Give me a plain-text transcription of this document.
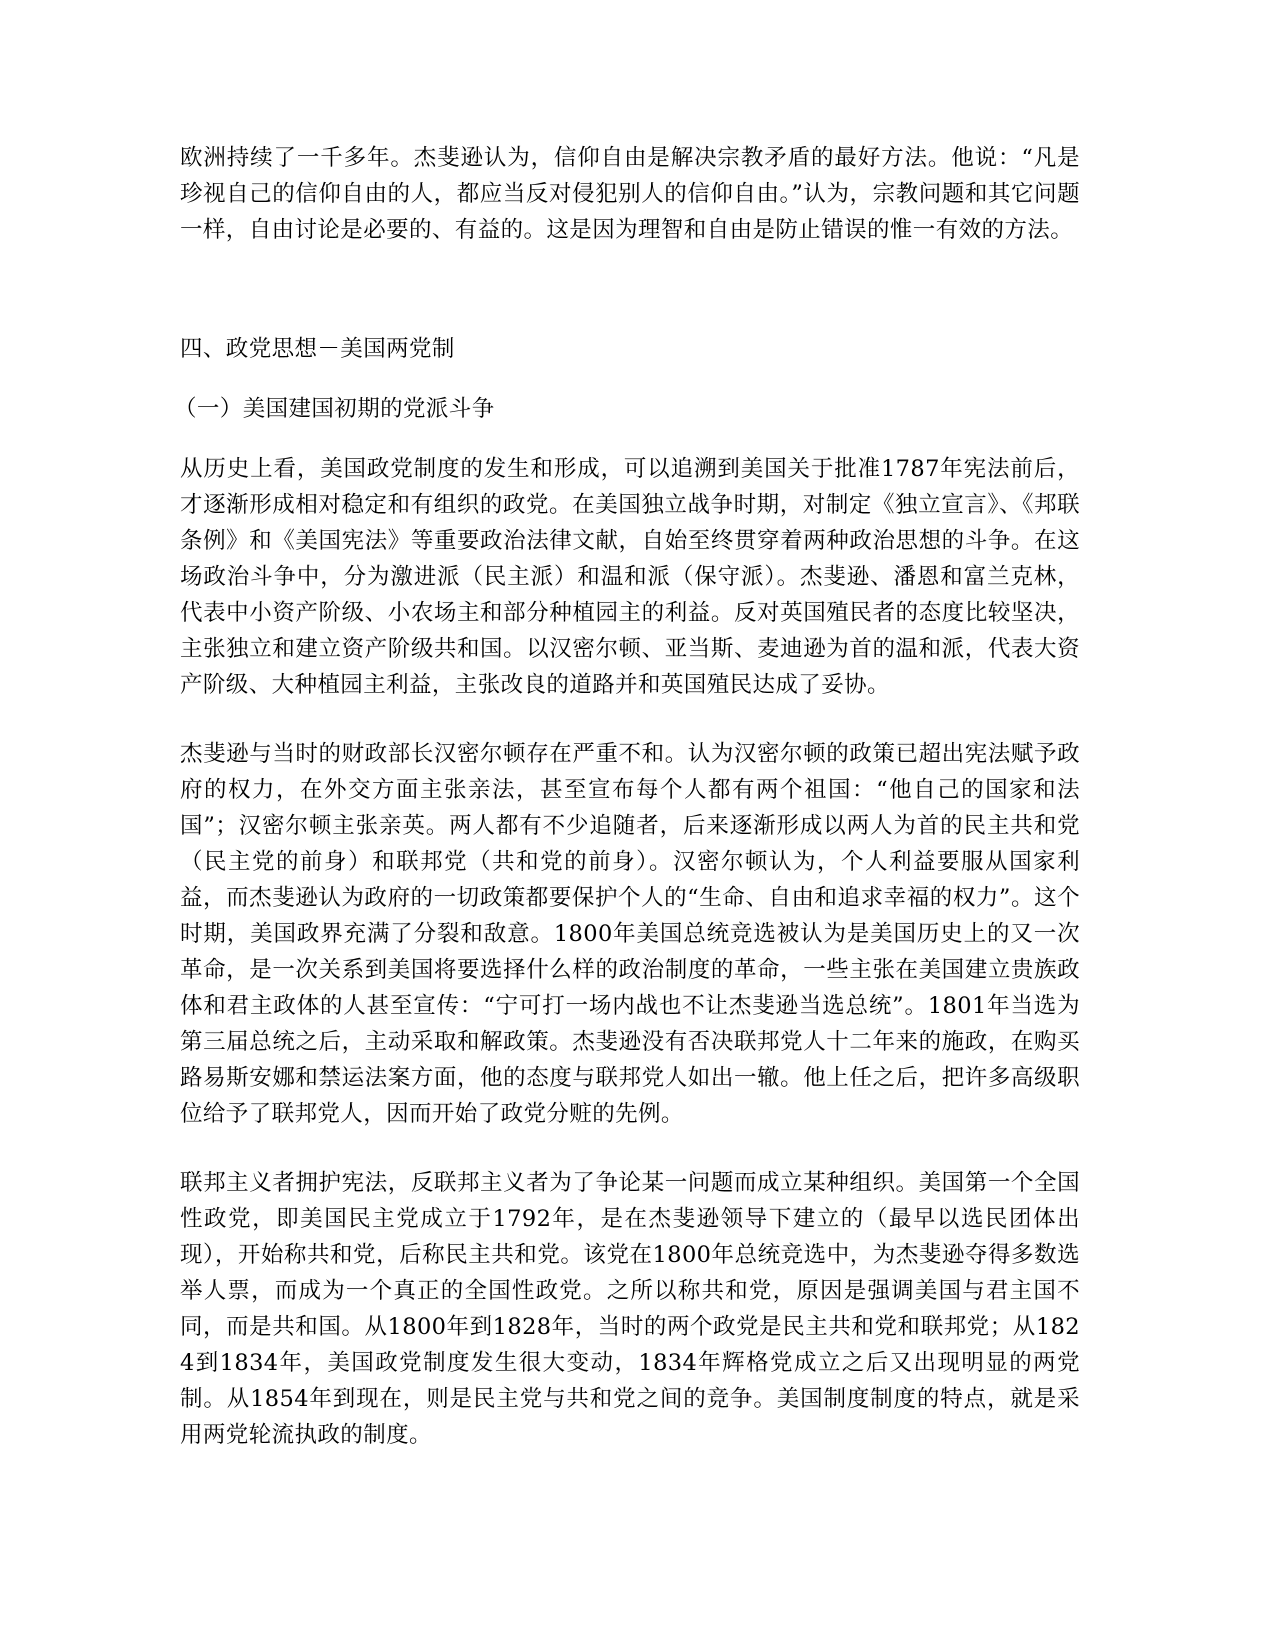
欧洲持续了一千多年。杰斐逊认为，信仰自由是解决宗教矛盾的最好方法。他说：“凡是珍视自己的信仰自由的人，都应当反对侵犯别人的信仰自由。”认为，宗教问题和其它问题一样，自由讨论是必要的、有益的。这是因为理智和自由是防止错误的惟一有效的方法。

四、政党思想－美国两党制
（一）美国建国初期的党派斗争

从历史上看，美国政党制度的发生和形成，可以追溯到美国关于批准1787年宪法前后，才逐渐形成相对稳定和有组织的政党。在美国独立战争时期，对制定《独立宣言》、《邦联条例》和《美国宪法》等重要政治法律文献，自始至终贯穿着两种政治思想的斗争。在这场政治斗争中，分为激进派（民主派）和温和派（保守派）。杰斐逊、潘恩和富兰克林，代表中小资产阶级、小农场主和部分种植园主的利益。反对英国殖民者的态度比较坚决，主张独立和建立资产阶级共和国。以汉密尔顿、亚当斯、麦迪逊为首的温和派，代表大资产阶级、大种植园主利益，主张改良的道路并和英国殖民达成了妥协。

杰斐逊与当时的财政部长汉密尔顿存在严重不和。认为汉密尔顿的政策已超出宪法赋予政府的权力，在外交方面主张亲法，甚至宣布每个人都有两个祖国：“他自己的国家和法国”；汉密尔顿主张亲英。两人都有不少追随者，后来逐渐形成以两人为首的民主共和党（民主党的前身）和联邦党（共和党的前身）。汉密尔顿认为，个人利益要服从国家利益，而杰斐逊认为政府的一切政策都要保护个人的“生命、自由和追求幸福的权力”。这个时期，美国政界充满了分裂和敌意。1800年美国总统竞选被认为是美国历史上的又一次革命，是一次关系到美国将要选择什么样的政治制度的革命，一些主张在美国建立贵族政体和君主政体的人甚至宣传：“宁可打一场内战也不让杰斐逊当选总统”。1801年当选为第三届总统之后，主动采取和解政策。杰斐逊没有否决联邦党人十二年来的施政，在购买路易斯安娜和禁运法案方面，他的态度与联邦党人如出一辙。他上任之后，把许多高级职位给予了联邦党人，因而开始了政党分赃的先例。

联邦主义者拥护宪法，反联邦主义者为了争论某一问题而成立某种组织。美国第一个全国性政党，即美国民主党成立于1792年，是在杰斐逊领导下建立的（最早以选民团体出现），开始称共和党，后称民主共和党。该党在1800年总统竞选中，为杰斐逊夺得多数选举人票，而成为一个真正的全国性政党。之所以称共和党，原因是强调美国与君主国不同，而是共和国。从1800年到1828年，当时的两个政党是民主共和党和联邦党；从1824到1834年，美国政党制度发生很大变动，1834年辉格党成立之后又出现明显的两党制。从1854年到现在，则是民主党与共和党之间的竞争。美国制度制度的特点，就是采用两党轮流执政的制度。
